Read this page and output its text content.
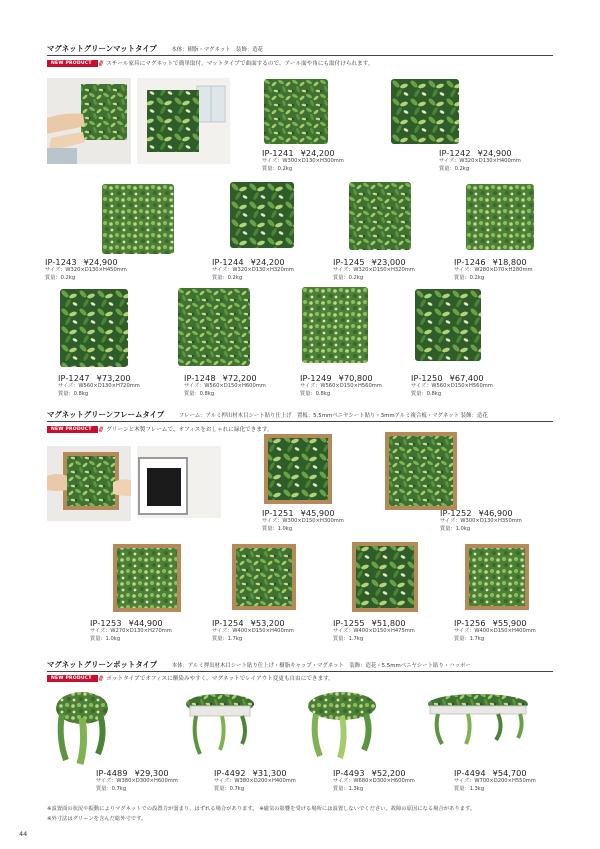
マグネットグリーンマットタイプ	本体：樹脂・マグネット　装飾：造花
NEW PRODUCT	/// スチール家具にマグネットで簡単取付。マットタイプで曲面するので、アール面や角にも取付けられます。
IP-1241 ¥24,200
サイズ：W300×D130×H300mm
質量：0.2kg
IP-1242 ¥24,900
サイズ：W320×D130×H400mm
質量：0.2kg
IP-1243 ¥24,900
サイズ：W320×D130×H450mm
質量：0.2kg
IP-1244 ¥24,200
サイズ：W320×D130×H320mm
質量：0.2kg
IP-1245 ¥23,000
サイズ：W320×D150×H320mm
質量：0.2kg
IP-1246 ¥18,800
サイズ：W280×D70×H280mm
質量：0.2kg
IP-1247 ¥73,200
サイズ：W560×D130×H720mm
質量：0.8kg
IP-1248 ¥72,200
サイズ：W560×D150×H600mm
質量：0.8kg
IP-1249 ¥70,800
サイズ：W560×D150×H560mm
質量：0.8kg
IP-1250 ¥67,400
サイズ：W560×D150×H560mm
質量：0.8kg
マグネットグリーンフレームタイプ	フレーム：アルミ押出材木目シート貼り仕上げ　置板：5.5mmベニヤシート貼り・3mmアルミ複合板・マグネット 装飾：造花
NEW PRODUCT	/// グリーンと木製フレームで、オフィスをおしゃれに緑化できます。
IP-1251 ¥45,900
サイズ：W300×D150×H300mm
質量：1.0kg
IP-1252 ¥46,900
サイズ：W300×D130×H350mm
質量：1.0kg
IP-1253 ¥44,900
サイズ：W270×D130×H270mm
質量：1.0kg
IP-1254 ¥53,200
サイズ：W400×D150×H400mm
質量：1.7kg
IP-1255 ¥51,800
サイズ：W400×D150×H475mm
質量：1.7kg
IP-1256 ¥55,900
サイズ：W400×D150×H400mm
質量：1.7kg
マグネットグリーンポットタイプ	本体：アルミ押出材木目シート貼り仕上げ・樹脂キャップ・マグネット　装飾：造花・5.5mmベニヤシート貼り・ハッポー
NEW PRODUCT	/// ポットタイプでオフィスに馴染みやすく、マグネットでレイアウト変更も自由にできます。
IP-4489 ¥29,300
サイズ：W380×D300×H600mm
質量：0.7kg
IP-4492 ¥31,300
サイズ：W380×D200×H400mm
質量：0.7kg
IP-4493 ¥52,200
サイズ：W680×D300×H600mm
質量：1.3kg
IP-4494 ¥54,700
サイズ：W700×D200×H550mm
質量：1.3kg
※設置面の状況や振動によりマグネットでの設置力が弱まり、はずれる場合があります。 ※磁気の影響を受ける場所には設置しないでください。故障の原因になる場合があります。
※外寸法はグリーンを含んだ総外寸です。
44
